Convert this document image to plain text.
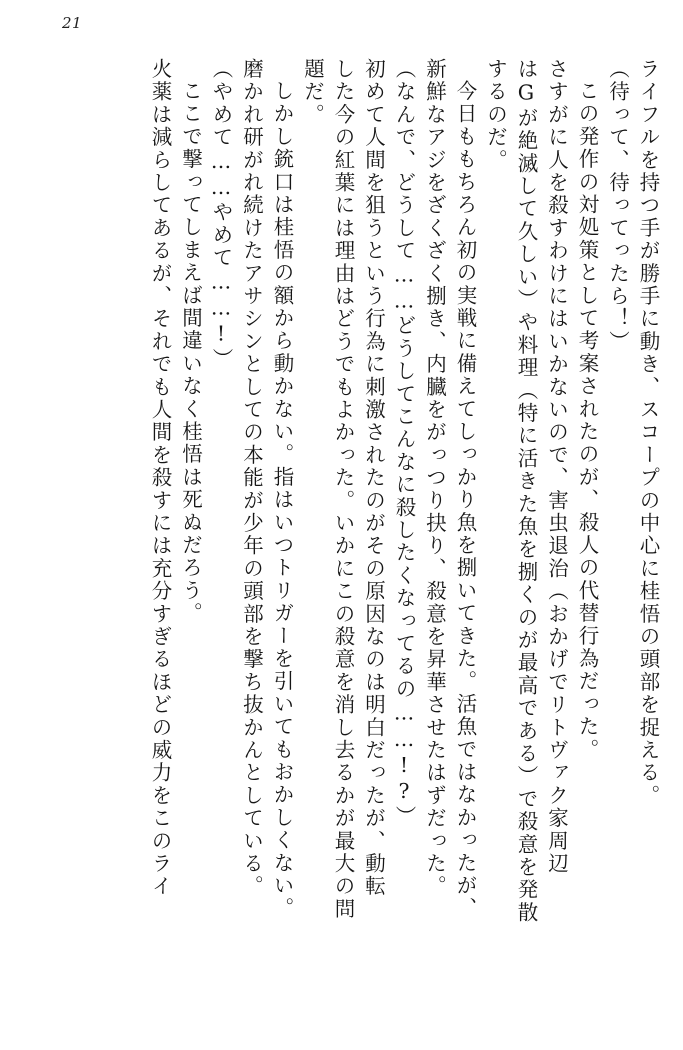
21
ライフルを持つ手が勝手に動き、スコープの中心に桂悟の頭部を捉える。
（待って、待ってったら！）
この発作の対処策として考案されたのが、殺人の代替行為だった。
さすがに人を殺すわけにはいかないので、害虫退治（おかげでリトヴァク家周辺
はGが絶滅して久しい）や料理（特に活きた魚を捌くのが最高である）で殺意を発散
するのだ。
今日ももちろん初の実戦に備えてしっかり魚を捌いてきた。活魚ではなかったが、
新鮮なアジをざくざく捌き、内臓をがっつり抉り、殺意を昇華させたはずだった。
（なんで、どうして……どうしてこんなに殺したくなってるの……!?）
初めて人間を狙うという行為に刺激されたのがその原因なのは明白だったが、動転
した今の紅葉には理由はどうでもよかった。いかにこの殺意を消し去るかが最大の問
題だ。
しかし銃口は桂悟の額から動かない。指はいつトリガーを引いてもおかしくない。
磨かれ研がれ続けたアサシンとしての本能が少年の頭部を撃ち抜かんとしている。
（やめて……やめて……!）
ここで撃ってしまえば間違いなく桂悟は死ぬだろう。
火薬は減らしてあるが、それでも人間を殺すには充分すぎるほどの威力をこのライ
